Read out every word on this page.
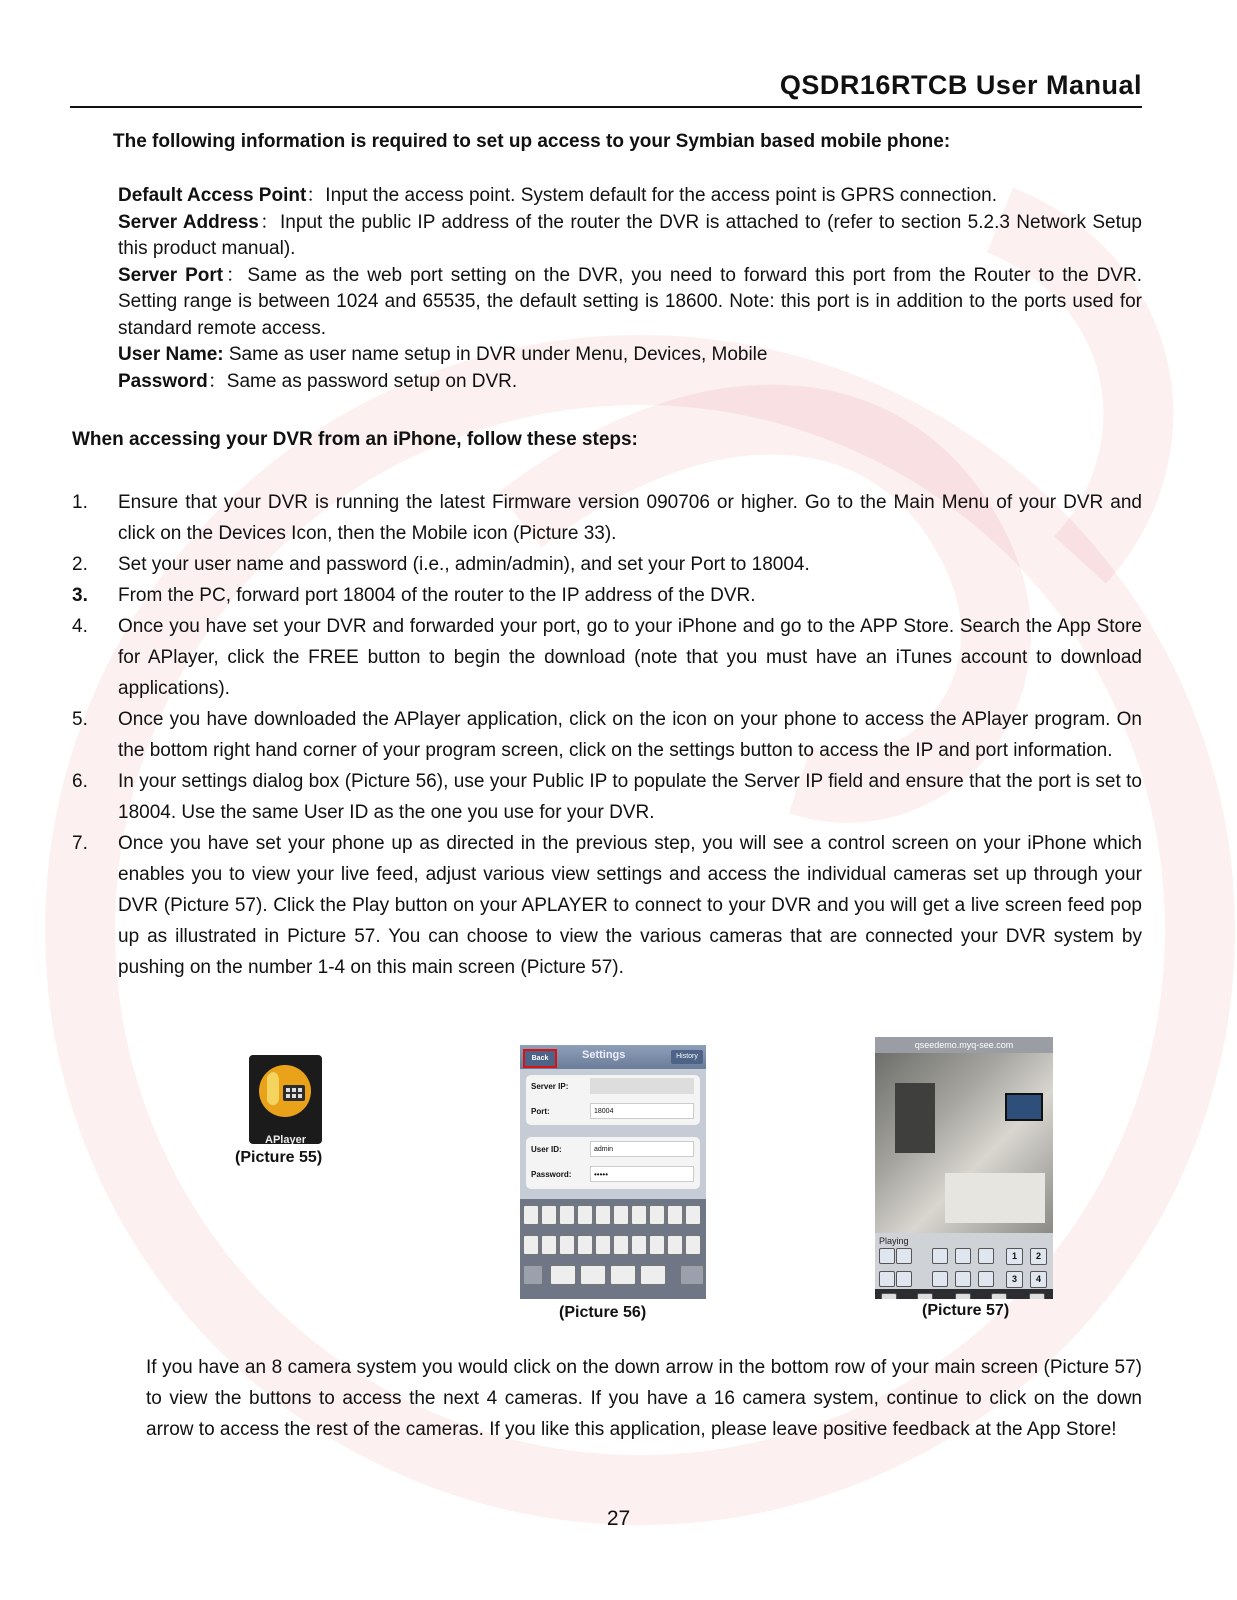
QSDR16RTCB User Manual
The following information is required to set up access to your Symbian based mobile phone:

Default Access Point：Input the access point. System default for the access point is GPRS connection.

Server Address：Input the public IP address of the router the DVR is attached to (refer to section 5.2.3 Network Setup this product manual).

Server Port：Same as the web port setting on the DVR, you need to forward this port from the Router to the DVR. Setting range is between 1024 and 65535, the default setting is 18600. Note: this port is in addition to the ports used for standard remote access.

User Name: Same as user name setup in DVR under Menu, Devices, Mobile

Password：Same as password setup on DVR.

When accessing your DVR from an iPhone, follow these steps:
1. Ensure that your DVR is running the latest Firmware version 090706 or higher. Go to the Main Menu of your DVR and click on the Devices Icon, then the Mobile icon (Picture 33).
2. Set your user name and password (i.e., admin/admin), and set your Port to 18004.
3. From the PC, forward port 18004 of the router to the IP address of the DVR.
4. Once you have set your DVR and forwarded your port, go to your iPhone and go to the APP Store. Search the App Store for APlayer, click the FREE button to begin the download (note that you must have an iTunes account to download applications).
5. Once you have downloaded the APlayer application, click on the icon on your phone to access the APlayer program. On the bottom right hand corner of your program screen, click on the settings button to access the IP and port information.
6. In your settings dialog box (Picture 56), use your Public IP to populate the Server IP field and ensure that the port is set to 18004. Use the same User ID as the one you use for your DVR.
7. Once you have set your phone up as directed in the previous step, you will see a control screen on your iPhone which enables you to view your live feed, adjust various view settings and access the individual cameras set up through your DVR (Picture 57). Click the Play button on your APLAYER to connect to your DVR and you will get a live screen feed pop up as illustrated in Picture 57. You can choose to view the various cameras that are connected your DVR system by pushing on the number 1-4 on this main screen (Picture 57).
APlayer
(Picture 55)
Back	Settings	History
Server IP:
Port:	18004
User ID:	admin
Password:	•••••
(Picture 56)
qseedemo.myq-see.com
Playing
1	2
3	4
(Picture 57)

If you have an 8 camera system you would click on the down arrow in the bottom row of your main screen (Picture 57) to view the buttons to access the next 4 cameras. If you have a 16 camera system, continue to click on the down arrow to access the rest of the cameras. If you like this application, please leave positive feedback at the App Store!

27
